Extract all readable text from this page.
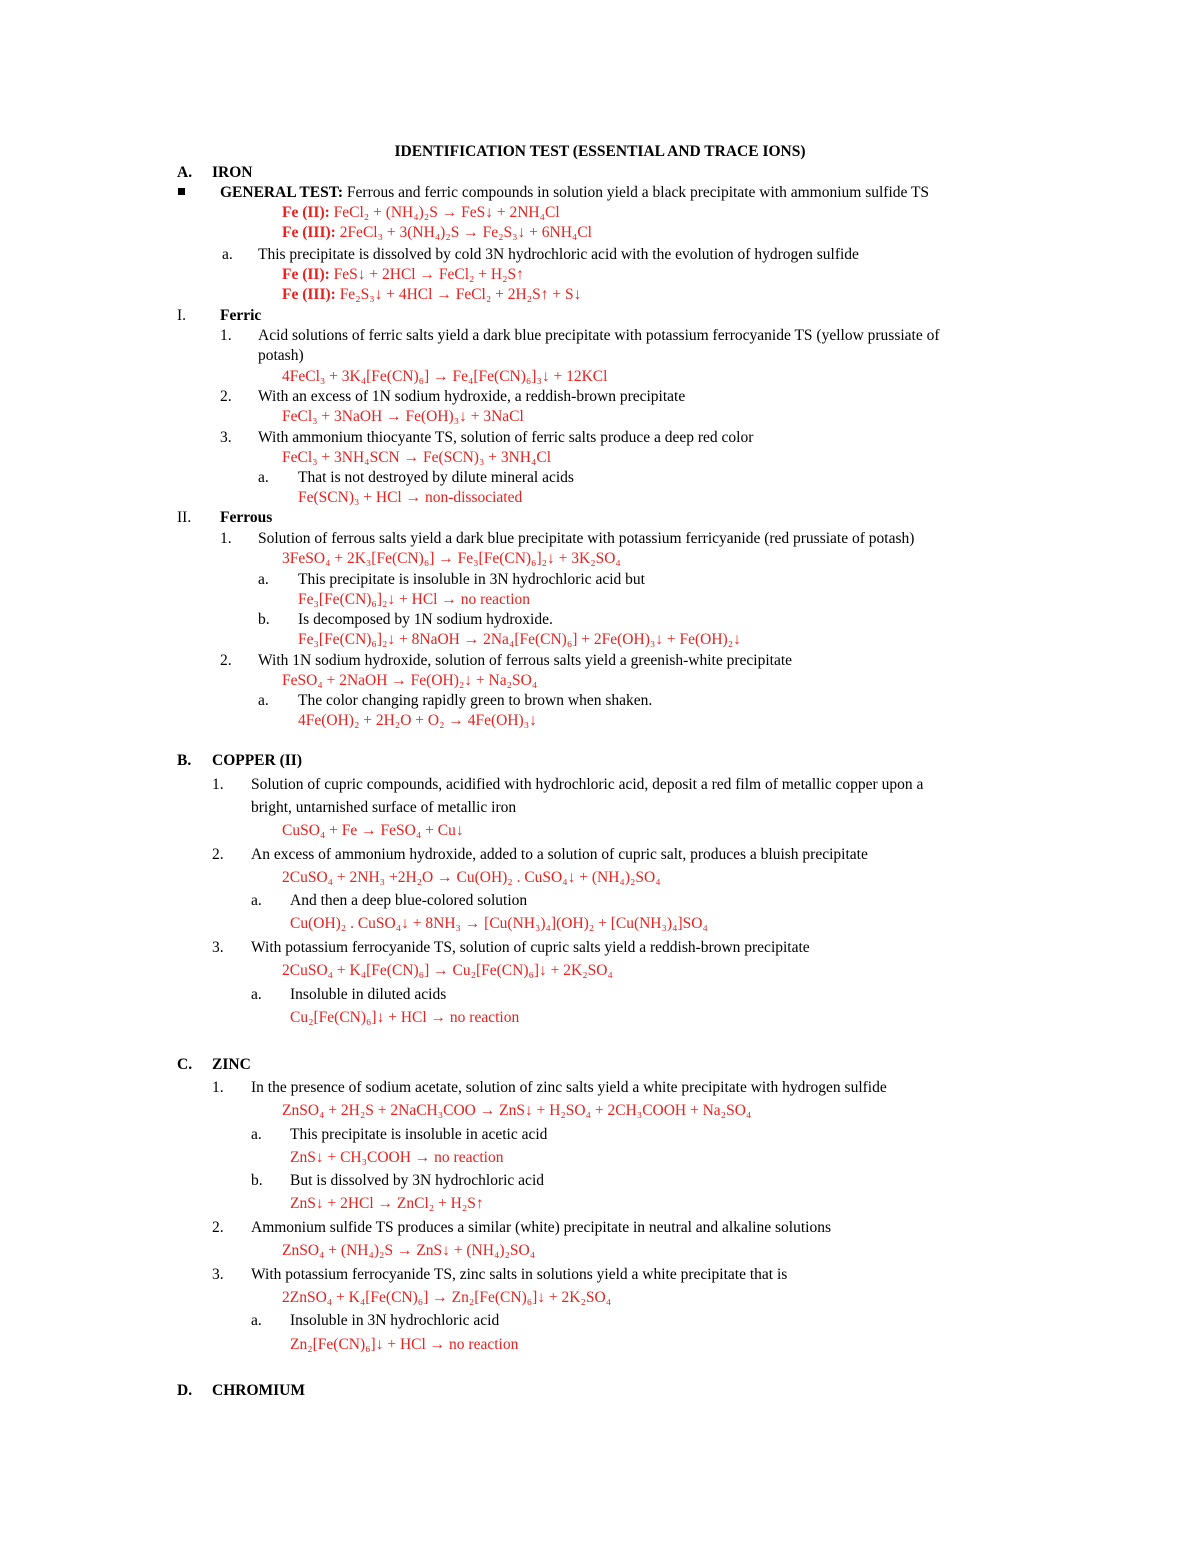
IDENTIFICATION TEST (ESSENTIAL AND TRACE IONS)
A. IRON
GENERAL TEST: Ferrous and ferric compounds in solution yield a black precipitate with ammonium sulfide TS
Fe (II): FeCl₂ + (NH₄)₂S → FeS↓ + 2NH₄Cl
Fe (III): 2FeCl₃ + 3(NH₄)₂S → Fe₂S₃↓ + 6NH₄Cl
a. This precipitate is dissolved by cold 3N hydrochloric acid with the evolution of hydrogen sulfide
Fe (II): FeS↓ + 2HCl → FeCl₂ + H₂S↑
Fe (III): Fe₂S₃↓ + 4HCl → FeCl₂ + 2H₂S↑ + S↓
I. Ferric
1. Acid solutions of ferric salts yield a dark blue precipitate with potassium ferrocyanide TS (yellow prussiate of
potash)
4FeCl₃ + 3K₄[Fe(CN)₆] → Fe₄[Fe(CN)₆]₃↓ + 12KCl
2. With an excess of 1N sodium hydroxide, a reddish-brown precipitate
FeCl₃ + 3NaOH → Fe(OH)₃↓ + 3NaCl
3. With ammonium thiocyante TS, solution of ferric salts produce a deep red color
FeCl₃ + 3NH₄SCN → Fe(SCN)₃ + 3NH₄Cl
a. That is not destroyed by dilute mineral acids
Fe(SCN)₃ + HCl → non-dissociated
II. Ferrous
1. Solution of ferrous salts yield a dark blue precipitate with potassium ferricyanide (red prussiate of potash)
3FeSO₄ + 2K₃[Fe(CN)₆] → Fe₃[Fe(CN)₆]₂↓ + 3K₂SO₄
a. This precipitate is insoluble in 3N hydrochloric acid but
Fe₃[Fe(CN)₆]₂↓ + HCl → no reaction
b. Is decomposed by 1N sodium hydroxide.
Fe₃[Fe(CN)₆]₂↓ + 8NaOH → 2Na₄[Fe(CN)₆] + 2Fe(OH)₃↓ + Fe(OH)₂↓
2. With 1N sodium hydroxide, solution of ferrous salts yield a greenish-white precipitate
FeSO₄ + 2NaOH → Fe(OH)₂↓ + Na₂SO₄
a. The color changing rapidly green to brown when shaken.
4Fe(OH)₂ + 2H₂O + O₂ → 4Fe(OH)₃↓
B. COPPER (II)
1. Solution of cupric compounds, acidified with hydrochloric acid, deposit a red film of metallic copper upon a
bright, untarnished surface of metallic iron
CuSO₄ + Fe → FeSO₄ + Cu↓
2. An excess of ammonium hydroxide, added to a solution of cupric salt, produces a bluish precipitate
2CuSO₄ + 2NH₃ +2H₂O → Cu(OH)₂ . CuSO₄↓ + (NH₄)₂SO₄
a. And then a deep blue-colored solution
Cu(OH)₂ . CuSO₄↓ + 8NH₃ → [Cu(NH₃)₄](OH)₂ + [Cu(NH₃)₄]SO₄
3. With potassium ferrocyanide TS, solution of cupric salts yield a reddish-brown precipitate
2CuSO₄ + K₄[Fe(CN)₆] → Cu₂[Fe(CN)₆]↓ + 2K₂SO₄
a. Insoluble in diluted acids
Cu₂[Fe(CN)₆]↓ + HCl → no reaction
C. ZINC
1. In the presence of sodium acetate, solution of zinc salts yield a white precipitate with hydrogen sulfide
ZnSO₄ + 2H₂S + 2NaCH₃COO → ZnS↓ + H₂SO₄ + 2CH₃COOH + Na₂SO₄
a. This precipitate is insoluble in acetic acid
ZnS↓ + CH₃COOH → no reaction
b. But is dissolved by 3N hydrochloric acid
ZnS↓ + 2HCl → ZnCl₂ + H₂S↑
2. Ammonium sulfide TS produces a similar (white) precipitate in neutral and alkaline solutions
ZnSO₄ + (NH₄)₂S → ZnS↓ + (NH₄)₂SO₄
3. With potassium ferrocyanide TS, zinc salts in solutions yield a white precipitate that is
2ZnSO₄ + K₄[Fe(CN)₆] → Zn₂[Fe(CN)₆]↓ + 2K₂SO₄
a. Insoluble in 3N hydrochloric acid
Zn₂[Fe(CN)₆]↓ + HCl → no reaction
D. CHROMIUM
